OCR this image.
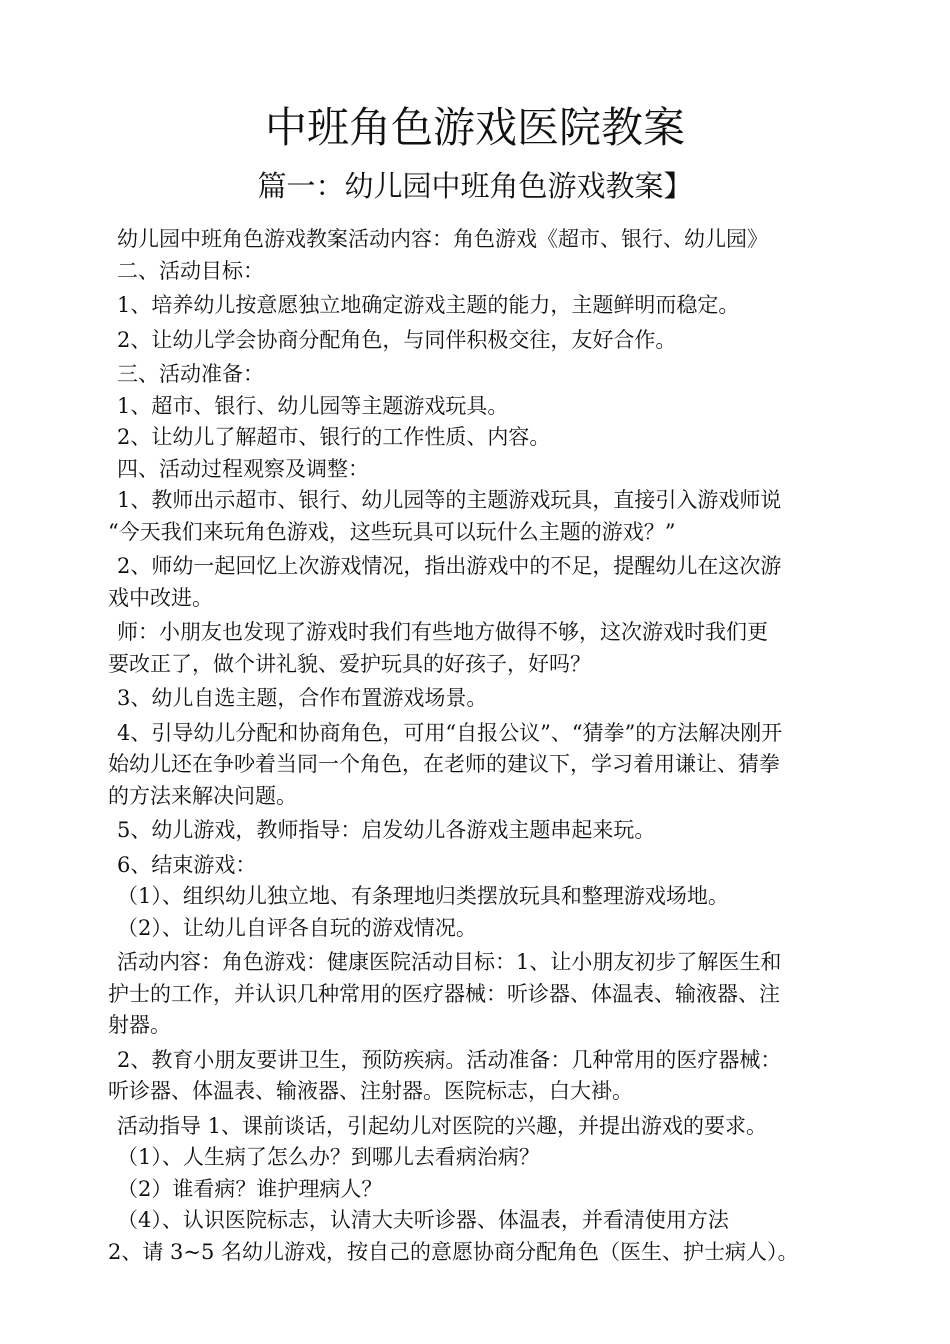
中班角色游戏医院教案
篇一：幼儿园中班角色游戏教案】
幼儿园中班角色游戏教案活动内容：角色游戏《超市、银行、幼儿园》
二、活动目标：
1、培养幼儿按意愿独立地确定游戏主题的能力，主题鲜明而稳定。
2、让幼儿学会协商分配角色，与同伴积极交往，友好合作。
三、活动准备：
1、超市、银行、幼儿园等主题游戏玩具。
2、让幼儿了解超市、银行的工作性质、内容。
四、活动过程观察及调整：
1、教师出示超市、银行、幼儿园等的主题游戏玩具，直接引入游戏师说
“今天我们来玩角色游戏，这些玩具可以玩什么主题的游戏？”
2、师幼一起回忆上次游戏情况，指出游戏中的不足，提醒幼儿在这次游
戏中改进。
师：小朋友也发现了游戏时我们有些地方做得不够，这次游戏时我们更
要改正了，做个讲礼貌、爱护玩具的好孩子，好吗？
3、幼儿自选主题，合作布置游戏场景。
4、引导幼儿分配和协商角色，可用“自报公议”、“猜拳”的方法解决刚开
始幼儿还在争吵着当同一个角色，在老师的建议下，学习着用谦让、猜拳
的方法来解决问题。
5、幼儿游戏，教师指导：启发幼儿各游戏主题串起来玩。
6、结束游戏：
（1）、组织幼儿独立地、有条理地归类摆放玩具和整理游戏场地。
（2）、让幼儿自评各自玩的游戏情况。
活动内容：角色游戏：健康医院活动目标：1、让小朋友初步了解医生和
护士的工作，并认识几种常用的医疗器械：听诊器、体温表、输液器、注
射器。
2、教育小朋友要讲卫生，预防疾病。活动准备：几种常用的医疗器械：
听诊器、体温表、输液器、注射器。医院标志，白大褂。
活动指导 1、课前谈话，引起幼儿对医院的兴趣，并提出游戏的要求。
（1）、人生病了怎么办？到哪儿去看病治病？
（2）谁看病？谁护理病人？
（4）、认识医院标志，认清大夫听诊器、体温表，并看清使用方法
2、请 3~5 名幼儿游戏，按自己的意愿协商分配角色（医生、护士病人）。
